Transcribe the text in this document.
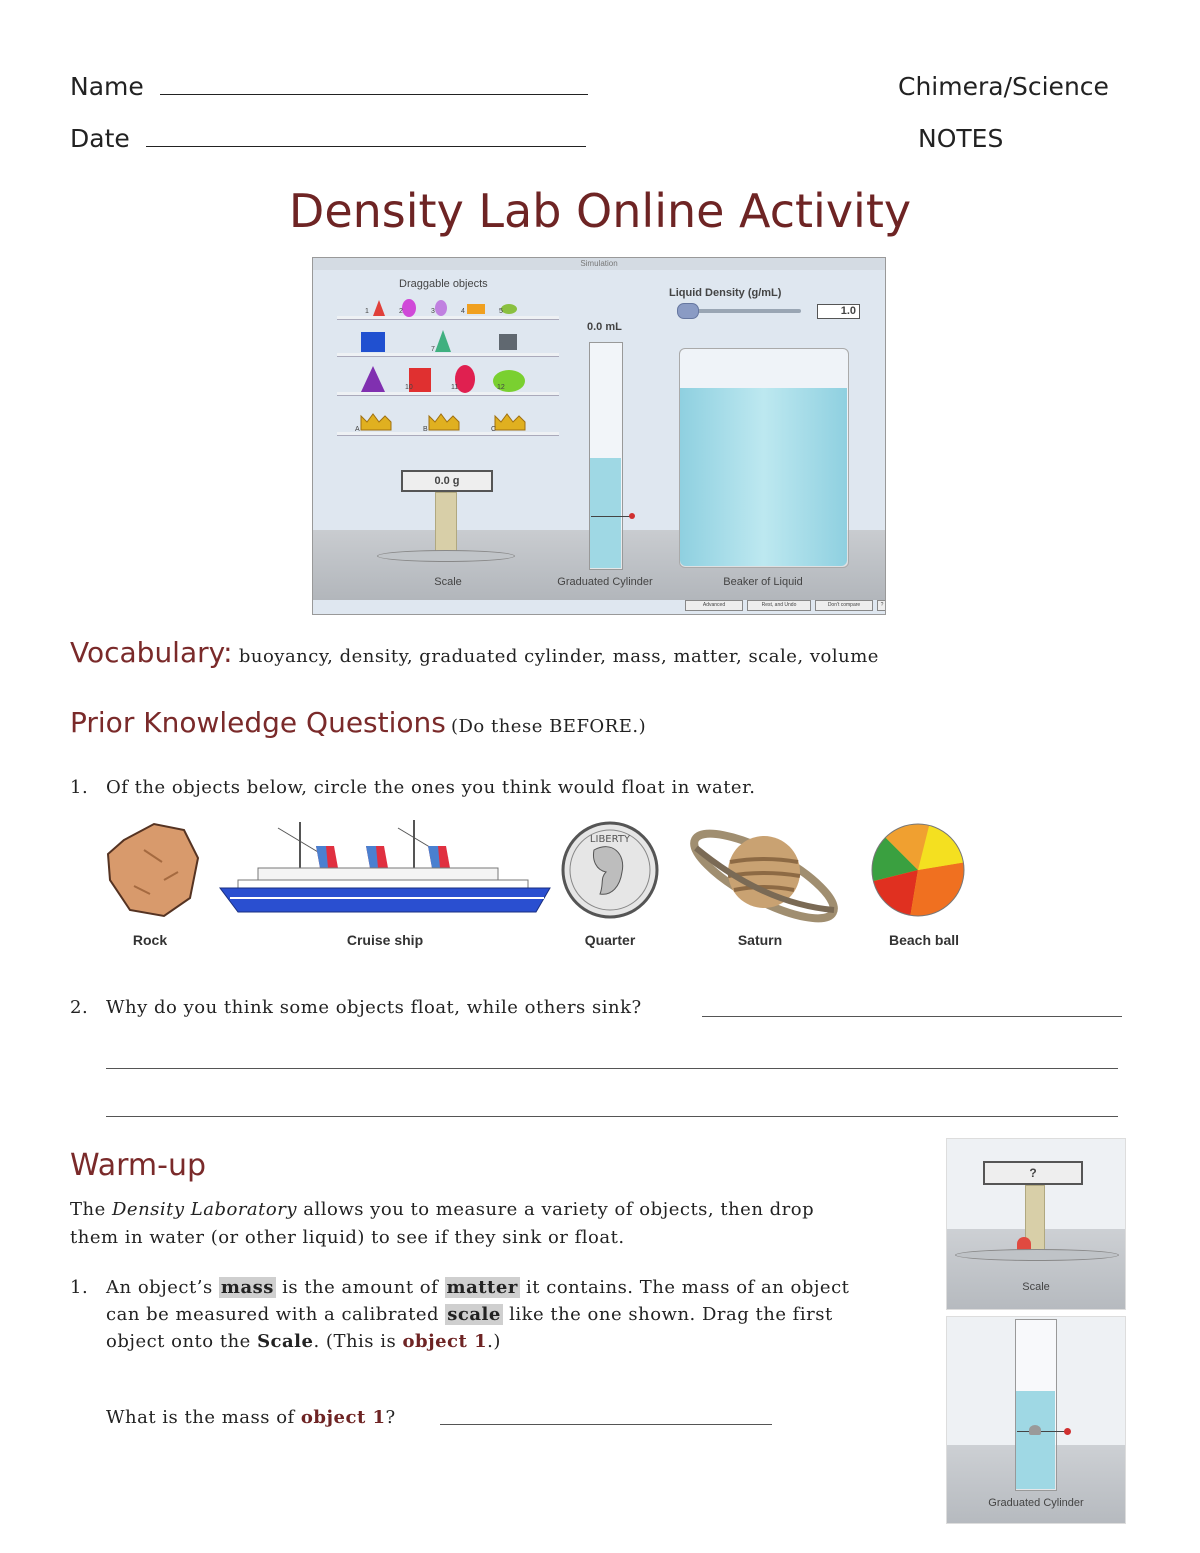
Name
Date
Chimera/Science
NOTES
Density Lab Online Activity
Simulation
Draggable objects
Liquid Density (g/mL)
1.0
1	2	3	4	5
7
10	11	12
A	B	C
0.0 g
Scale
0.0 mL
Graduated Cylinder	Beaker of Liquid
Advanced	Rest, and Undo	Don't compare	?
Vocabulary: buoyancy, density, graduated cylinder, mass, matter, scale, volume
Prior Knowledge Questions (Do these BEFORE.)
1. Of the objects below, circle the ones you think would float in water.
Rock	Cruise ship
LIBERTY
Quarter	Saturn	Beach ball
2. Why do you think some objects float, while others sink?
Warm-up
The Density Laboratory allows you to measure a variety of objects, then drop
them in water (or other liquid) to see if they sink or float.
1. An object’s mass is the amount of matter it contains. The mass of an object
can be measured with a calibrated scale like the one shown. Drag the first
object onto the Scale. (This is object 1.)
What is the mass of object 1?
?
Scale
Graduated Cylinder
